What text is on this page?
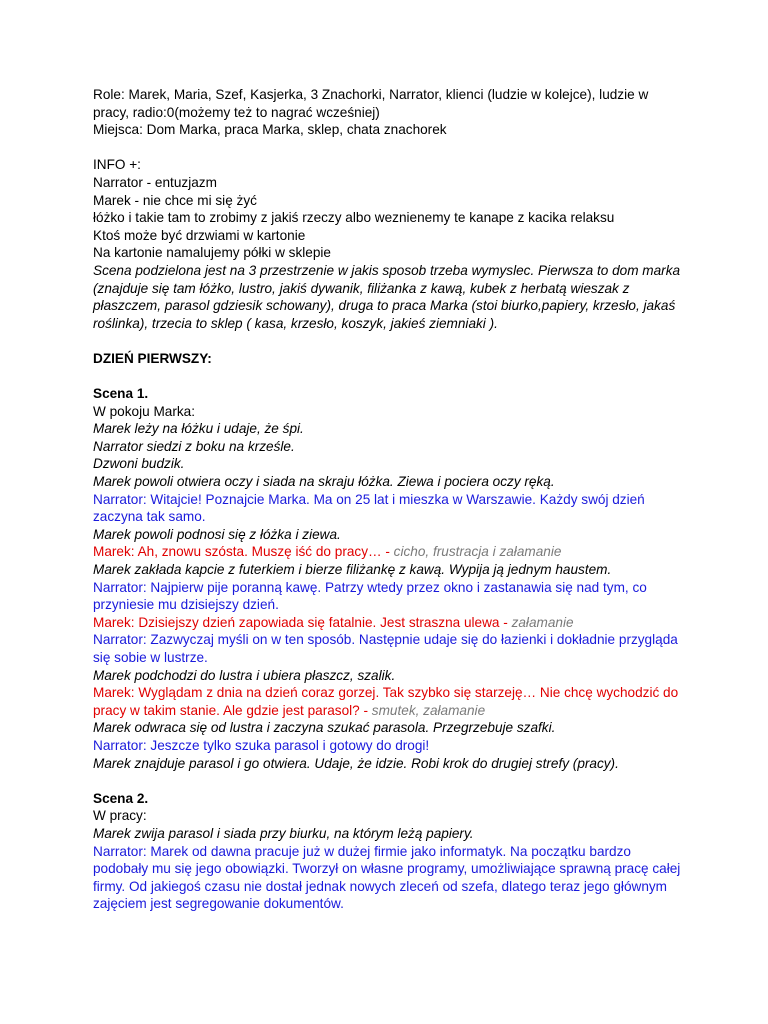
Role: Marek, Maria, Szef, Kasjerka, 3 Znachorki, Narrator, klienci (ludzie w kolejce), ludzie w pracy, radio:0(możemy też to nagrać wcześniej)

Miejsca: Dom Marka, praca Marka, sklep, chata znachorek

INFO +:

Narrator - entuzjazm

Marek - nie chce mi się żyć

łóżko i takie tam to zrobimy z jakiś rzeczy albo weznienemy te kanape z kacika relaksu

Ktoś może być drzwiami w kartonie

Na kartonie namalujemy półki w sklepie

Scena podzielona jest na 3 przestrzenie w jakis sposob trzeba wymyslec. Pierwsza to dom marka (znajduje się tam łóżko, lustro, jakiś dywanik, filiżanka z kawą, kubek z herbatą wieszak z płaszczem, parasol gdziesik schowany), druga to praca Marka (stoi biurko,papiery, krzesło, jakaś roślinka), trzecia to sklep ( kasa, krzesło, koszyk, jakieś ziemniaki ).

DZIEŃ PIERWSZY:

Scena 1.

W pokoju Marka:

Marek leży na łóżku i udaje, że śpi.

Narrator siedzi z boku na krześle.

Dzwoni budzik.

Marek powoli otwiera oczy i siada na skraju łóżka. Ziewa i pociera oczy ręką.

Narrator: Witajcie! Poznajcie Marka. Ma on 25 lat i mieszka w Warszawie. Każdy swój dzień zaczyna tak samo.

Marek powoli podnosi się z łóżka i ziewa.

Marek: Ah, znowu szósta. Muszę iść do pracy… - cicho, frustracja i załamanie

Marek zakłada kapcie z futerkiem i bierze filiżankę z kawą. Wypija ją jednym haustem.

Narrator: Najpierw pije poranną kawę. Patrzy wtedy przez okno i zastanawia się nad tym, co przyniesie mu dzisiejszy dzień.

Marek: Dzisiejszy dzień zapowiada się fatalnie. Jest straszna ulewa - załamanie

Narrator: Zazwyczaj myśli on w ten sposób. Następnie udaje się do łazienki i dokładnie przygląda się sobie w lustrze.

Marek podchodzi do lustra i ubiera płaszcz, szalik.

Marek: Wyglądam z dnia na dzień coraz gorzej. Tak szybko się starzeję… Nie chcę wychodzić do pracy w takim stanie. Ale gdzie jest parasol? - smutek, załamanie

Marek odwraca się od lustra i zaczyna szukać parasola. Przegrzebuje szafki.

Narrator: Jeszcze tylko szuka parasol i gotowy do drogi!

Marek znajduje parasol i go otwiera. Udaje, że idzie. Robi krok do drugiej strefy (pracy).

Scena 2.

W pracy:

Marek zwija parasol i siada przy biurku, na którym leżą papiery.

Narrator: Marek od dawna pracuje już w dużej firmie jako informatyk. Na początku bardzo podobały mu się jego obowiązki. Tworzył on własne programy, umożliwiające sprawną pracę całej firmy. Od jakiegoś czasu nie dostał jednak nowych zleceń od szefa, dlatego teraz jego głównym zajęciem jest segregowanie dokumentów.
